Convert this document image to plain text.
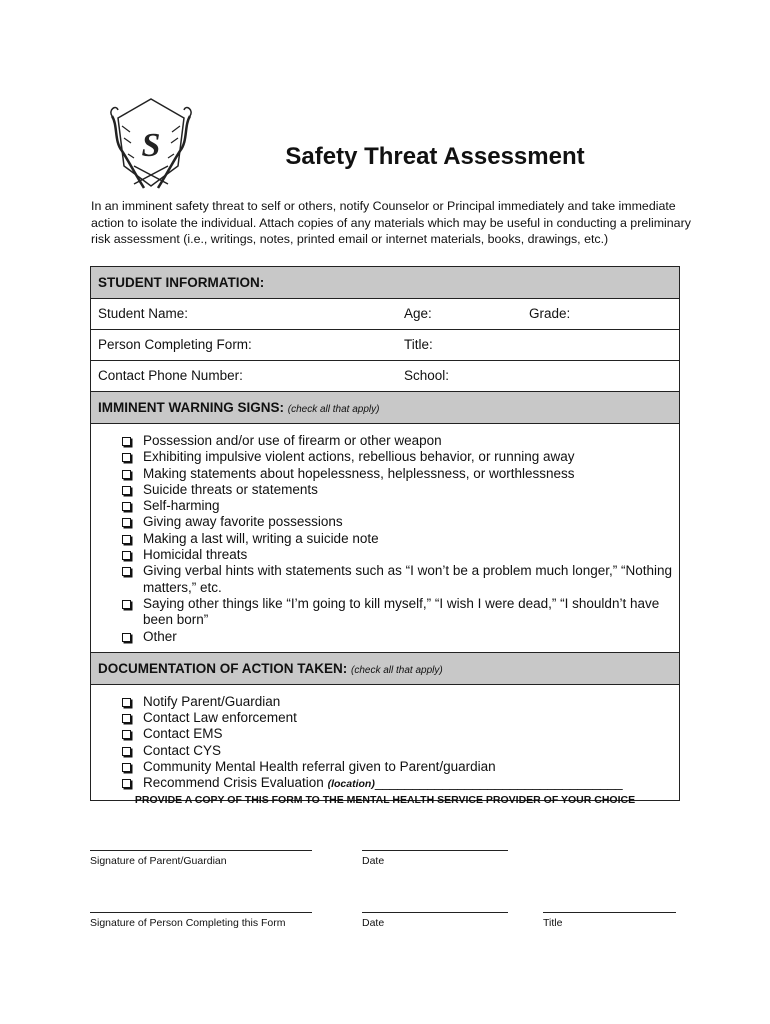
S	Safety Threat Assessment
In an imminent safety threat to self or others, notify Counselor or Principal immediately and take immediate action to isolate the individual. Attach copies of any materials which may be useful in conducting a preliminary risk assessment (i.e., writings, notes, printed email or internet materials, books, drawings, etc.)
STUDENT INFORMATION:
Student Name:	Age:	Grade:
Person Completing Form:	Title:
Contact Phone Number:	School:
IMMINENT WARNING SIGNS: (check all that apply)
Possession and/or use of firearm or other weapon
Exhibiting impulsive violent actions, rebellious behavior, or running away
Making statements about hopelessness, helplessness, or worthlessness
Suicide threats or statements
Self-harming
Giving away favorite possessions
Making a last will, writing a suicide note
Homicidal threats
Giving verbal hints with statements such as “I won’t be a problem much longer,” “Nothing matters,” etc.
Saying other things like “I’m going to kill myself,” “I wish I were dead,” “I shouldn’t have been born”
Other
DOCUMENTATION OF ACTION TAKEN: (check all that apply)
Notify Parent/Guardian
Contact Law enforcement
Contact EMS
Contact CYS
Community Mental Health referral given to Parent/guardian
Recommend Crisis Evaluation (location)_________________________________
PROVIDE A COPY OF THIS FORM TO THE MENTAL HEALTH SERVICE PROVIDER OF YOUR CHOICE
Signature of Parent/Guardian	Date
Signature of Person Completing this Form	Date	Title
